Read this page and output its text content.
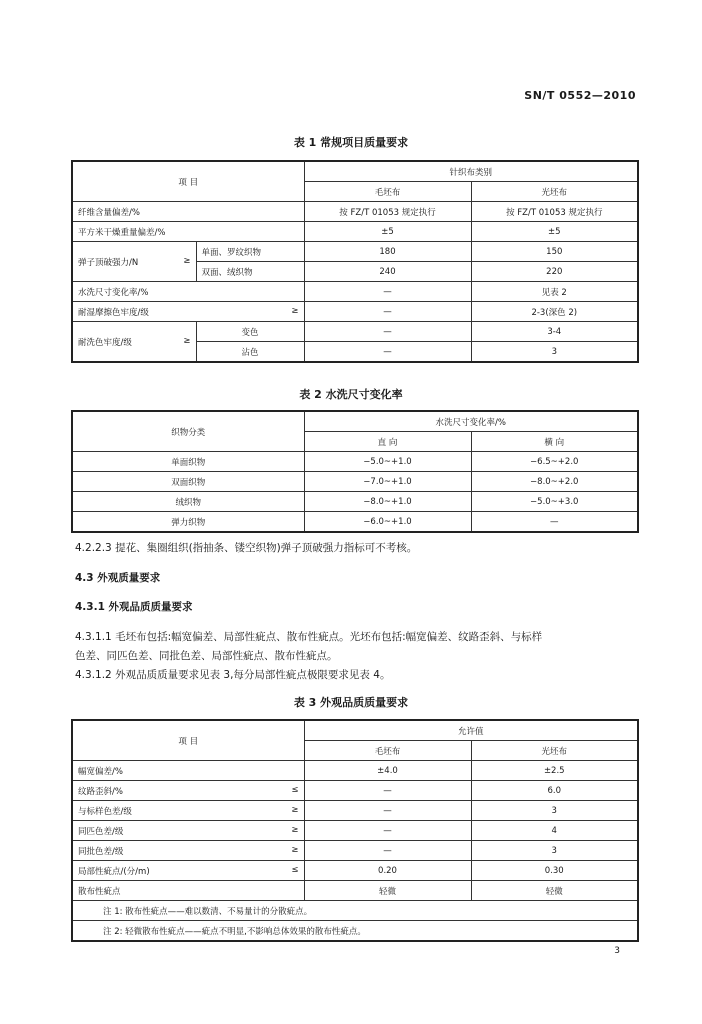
SN/T 0552—2010
表 1 常规项目质量要求
项 目		针织布类别	
		毛坯布	光坯布
纤维含量偏差/%		按 FZ/T 01053 规定执行	按 FZ/T 01053 规定执行
平方米干燥重量偏差/%		±5	±5
弹子顶破强力/N ≥	单面、罗纹织物	180	150
	双面、绒织物	240	220
水洗尺寸变化率/%		—	见表 2
耐湿摩擦色牢度/级 ≥		—	2-3(深色 2)
耐洗色牢度/级 ≥	变色	—	3-4
	沾色	—	3
表 2 水洗尺寸变化率
织物分类	水洗尺寸变化率/%	
	直 向	横 向
单面织物	−5.0~+1.0	−6.5~+2.0
双面织物	−7.0~+1.0	−8.0~+2.0
绒织物	−8.0~+1.0	−5.0~+3.0
弹力织物	−6.0~+1.0	—
4.2.2.3 提花、集圈组织(指抽条、镂空织物)弹子顶破强力指标可不考核。
4.3 外观质量要求
4.3.1 外观品质质量要求
4.3.1.1 毛坯布包括:幅宽偏差、局部性疵点、散布性疵点。光坯布包括:幅宽偏差、纹路歪斜、与标样
色差、同匹色差、同批色差、局部性疵点、散布性疵点。
4.3.1.2 外观品质质量要求见表 3,每分局部性疵点极限要求见表 4。
表 3 外观品质质量要求
项 目	允许值	
	毛坯布	光坯布
幅宽偏差/%	±4.0	±2.5
纹路歪斜/% ≤	—	6.0
与标样色差/级 ≥	—	3
同匹色差/级 ≥	—	4
同批色差/级 ≥	—	3
局部性疵点/(分/m) ≤	0.20	0.30
散布性疵点	轻微	轻微
注 1: 散布性疵点——难以数清、不易量计的分散疵点。		
注 2: 轻微散布性疵点——疵点不明显,不影响总体效果的散布性疵点。		
3
